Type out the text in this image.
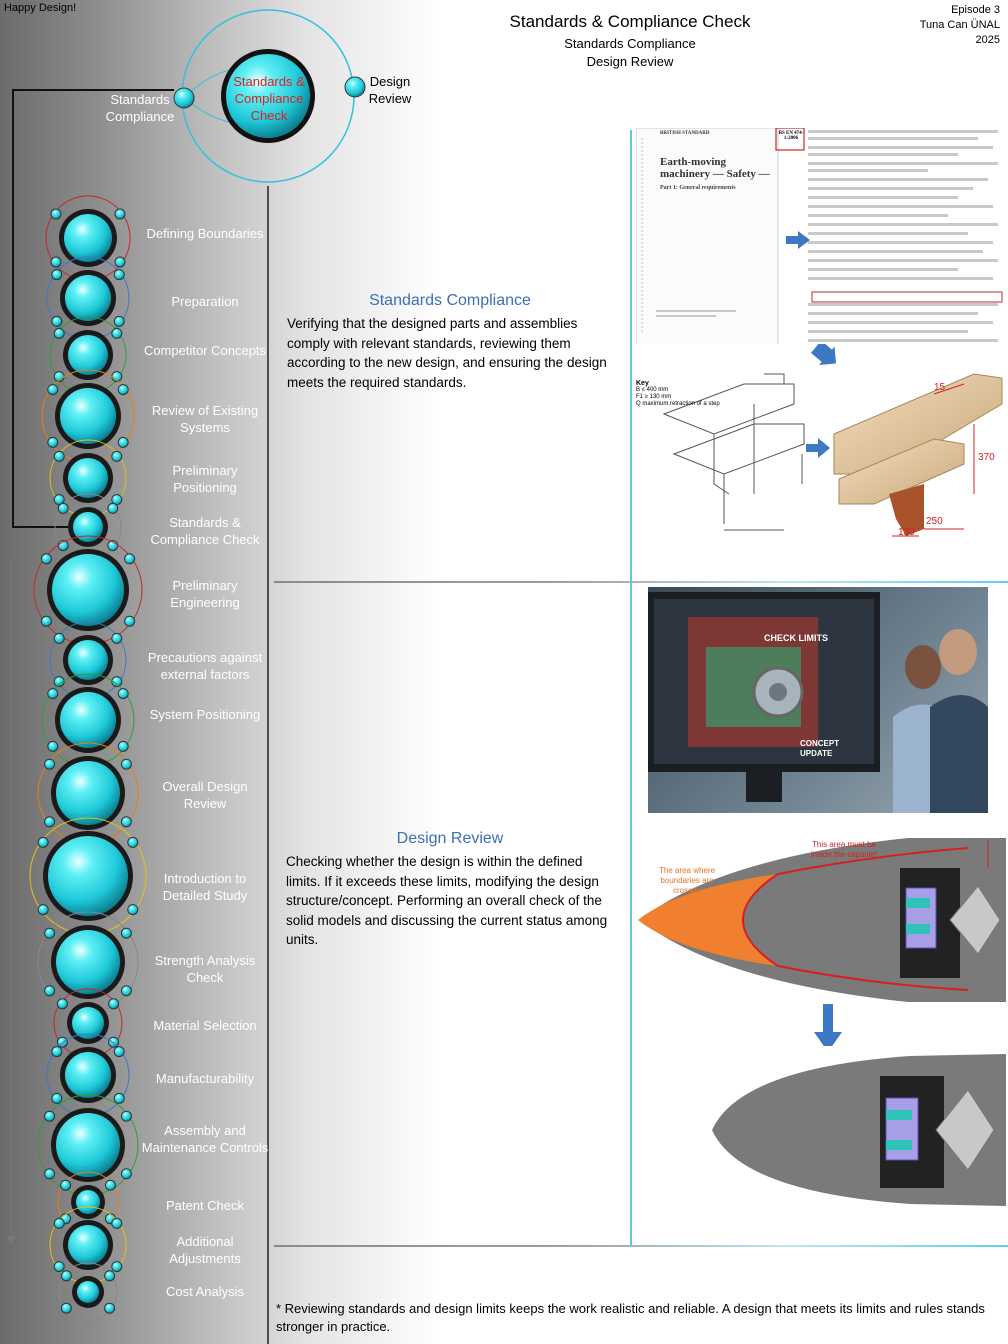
Happy Design!	Episode 3
Tuna Can ÜNAL
2025
Standards & Compliance Check
Standards Compliance
Design Review
Standards & Compliance Check
Standards Compliance
Design Review
Defining Boundaries
Preparation
Competitor Concepts
Review of Existing Systems
Preliminary Positioning
Standards & Compliance Check
Preliminary Engineering
Precautions against external factors
System Positioning
Overall Design Review
Introduction to Detailed Study
Strength Analysis Check
Material Selection
Manufacturability
Assembly and Maintenance Controls
Patent Check
Additional Adjustments
Cost Analysis
Standards Compliance
Verifying that the designed parts and assemblies comply with relevant standards, reviewing them according to the new design, and ensuring the design meets the required standards.
Design Review
Checking whether the design is within the defined limits. If it exceeds these limits, modifying the design structure/concept. Performing an overall check of the solid models and discussing the current status among units.
BRITISH STANDARD	BS EN 474-1:2006
Earth-moving machinery — Safety —
Part 1: General requirements
15
370
250
130
Key
B ≤ 400 mm
F1 ≥ 130 mm
Q maximum retraction of a step
CHECK LIMITS
CONCEPT UPDATE
The area where boundaries are crossed
This area must be inside the capsule!
* Reviewing standards and design limits keeps the work realistic and reliable. A design that meets its limits and rules stands stronger in practice.
